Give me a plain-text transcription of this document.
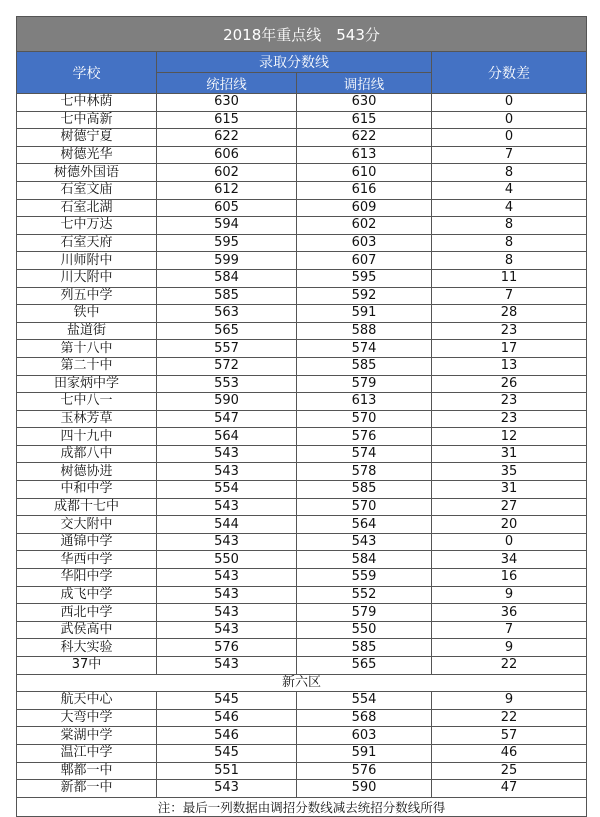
2018年重点线　543分			
学校	录取分数线		分数差
	统招线	调招线	
七中林荫	630	630	0
七中高新	615	615	0
树德宁夏	622	622	0
树德光华	606	613	7
树德外国语	602	610	8
石室文庙	612	616	4
石室北湖	605	609	4
七中万达	594	602	8
石室天府	595	603	8
川师附中	599	607	8
川大附中	584	595	11
列五中学	585	592	7
铁中	563	591	28
盐道街	565	588	23
第十八中	557	574	17
第二十中	572	585	13
田家炳中学	553	579	26
七中八一	590	613	23
玉林芳草	547	570	23
四十九中	564	576	12
成都八中	543	574	31
树德协进	543	578	35
中和中学	554	585	31
成都十七中	543	570	27
交大附中	544	564	20
通锦中学	543	543	0
华西中学	550	584	34
华阳中学	543	559	16
成飞中学	543	552	9
西北中学	543	579	36
武侯高中	543	550	7
科大实验	576	585	9
37中	543	565	22
新六区			
航天中心	545	554	9
大弯中学	546	568	22
棠湖中学	546	603	57
温江中学	545	591	46
郫都一中	551	576	25
新都一中	543	590	47
注：最后一列数据由调招分数线减去统招分数线所得			
